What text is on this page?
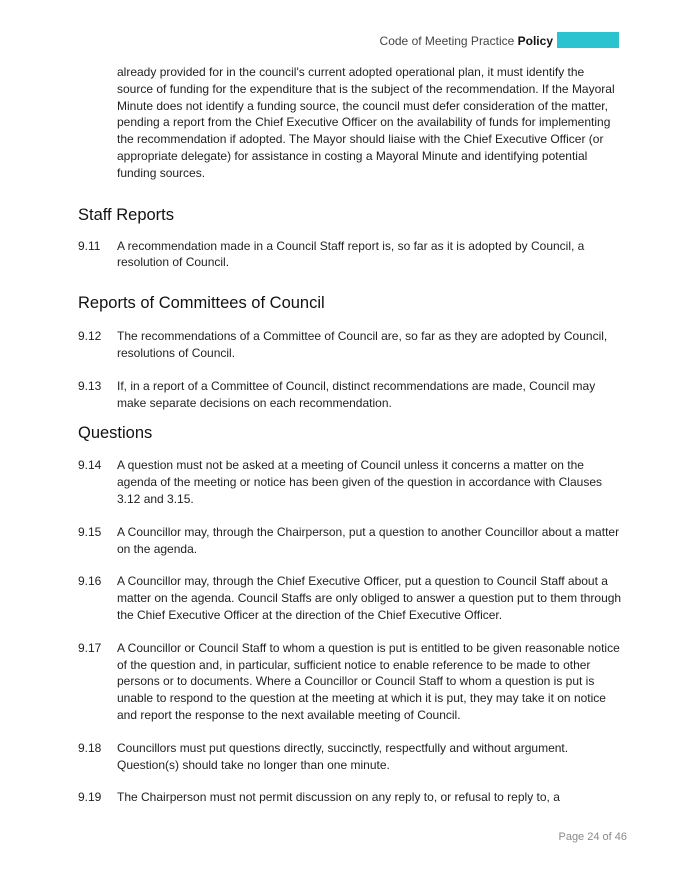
Code of Meeting Practice Policy

already provided for in the council's current adopted operational plan, it must identify the source of funding for the expenditure that is the subject of the recommendation. If the Mayoral Minute does not identify a funding source, the council must defer consideration of the matter, pending a report from the Chief Executive Officer on the availability of funds for implementing the recommendation if adopted. The Mayor should liaise with the Chief Executive Officer (or appropriate delegate) for assistance in costing a Mayoral Minute and identifying potential funding sources.

Staff Reports
9.11	A recommendation made in a Council Staff report is, so far as it is adopted by Council, a resolution of Council.
Reports of Committees of Council
9.12	The recommendations of a Committee of Council are, so far as they are adopted by Council, resolutions of Council.
9.13	If, in a report of a Committee of Council, distinct recommendations are made, Council may make separate decisions on each recommendation.
Questions
9.14	A question must not be asked at a meeting of Council unless it concerns a matter on the agenda of the meeting or notice has been given of the question in accordance with Clauses 3.12 and 3.15.
9.15	A Councillor may, through the Chairperson, put a question to another Councillor about a matter on the agenda.
9.16	A Councillor may, through the Chief Executive Officer, put a question to Council Staff about a matter on the agenda. Council Staffs are only obliged to answer a question put to them through the Chief Executive Officer at the direction of the Chief Executive Officer.
9.17	A Councillor or Council Staff to whom a question is put is entitled to be given reasonable notice of the question and, in particular, sufficient notice to enable reference to be made to other persons or to documents. Where a Councillor or Council Staff to whom a question is put is unable to respond to the question at the meeting at which it is put, they may take it on notice and report the response to the next available meeting of Council.
9.18	Councillors must put questions directly, succinctly, respectfully and without argument. Question(s) should take no longer than one minute.
9.19	The Chairperson must not permit discussion on any reply to, or refusal to reply to, a
Page 24 of 46
